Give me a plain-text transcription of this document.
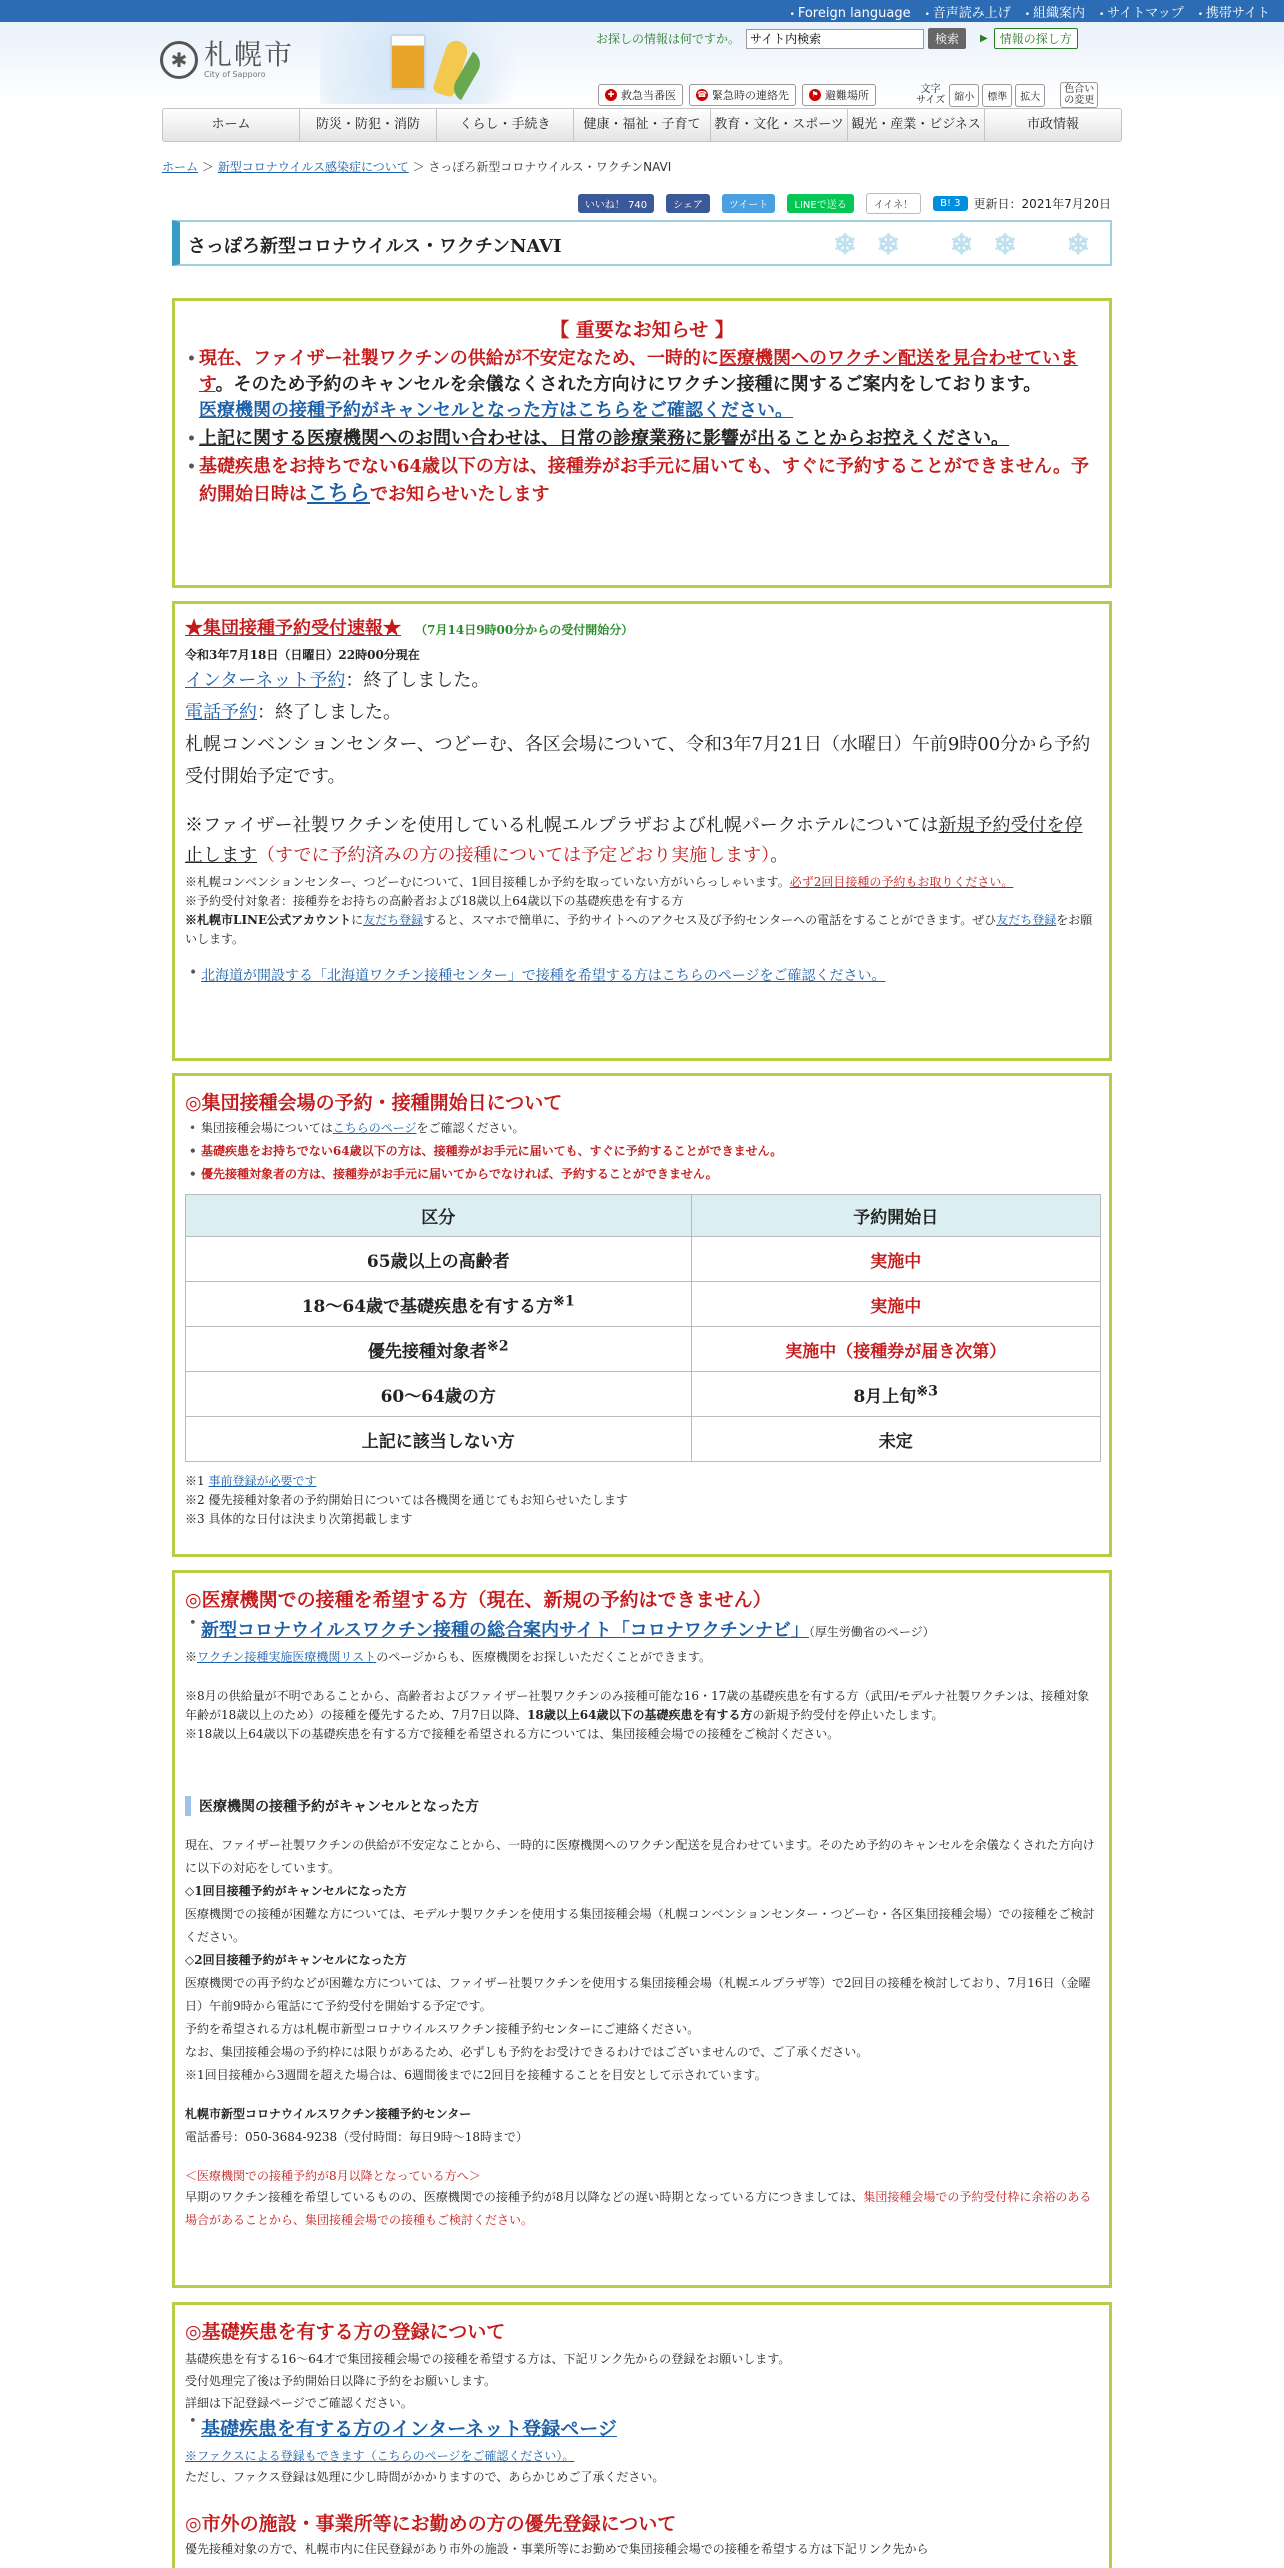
• Foreign language • 音声読み上げ • 組織案内 • サイトマップ • 携帯サイト
✱ 札幌市
City of Sapporo
お探しの情報は何ですか。
サイト内検索	検索	▶	情報の探し方
✚ 救急当番医	☎ 緊急時の連絡先	⚑ 避難場所	文字
サイズ 縮小	標準	拡大
色合い
の変更
ホーム	防災・防犯・消防	くらし・手続き	健康・福祉・子育て	教育・文化・スポーツ 観光・産業・ビジネス	市政情報
ホーム ＞ 新型コロナウイルス感染症について ＞ さっぽろ新型コロナウイルス・ワクチンNAVI
いいね！ 740	シェア	ツイート	LINEで送る	イイネ！	B! 3	更新日：2021年7月20日
さっぽろ新型コロナウイルス・ワクチンNAVI	❄❄ ❄❄ ❄
【 重要なお知らせ 】
• 現在、ファイザー社製ワクチンの供給が不安定なため、一時的に医療機関へのワクチン配送を見合わせています。そのため予約のキャンセルを余儀なくされた方向けにワクチン接種に関するご案内をしております。
医療機関の接種予約がキャンセルとなった方はこちらをご確認ください。
• 上記に関する医療機関へのお問い合わせは、日常の診療業務に影響が出ることからお控えください。
• 基礎疾患をお持ちでない64歳以下の方は、接種券がお手元に届いても、すぐに予約することができません。予約開始日時はこちらでお知らせいたします
★集団接種予約受付速報★ （7月14日9時00分からの受付開始分）
令和3年7月18日（日曜日）22時00分現在
インターネット予約：終了しました。
電話予約：終了しました。
札幌コンベンションセンター、つどーむ、各区会場について、令和3年7月21日（水曜日）午前9時00分から予約受付開始予定です。
※ファイザー社製ワクチンを使用している札幌エルプラザおよび札幌パークホテルについては新規予約受付を停止します（すでに予約済みの方の接種については予定どおり実施します）。
※札幌コンベンションセンター、つどーむについて、1回目接種しか予約を取っていない方がいらっしゃいます。必ず2回目接種の予約もお取りください。
※予約受付対象者：接種券をお持ちの高齢者および18歳以上64歳以下の基礎疾患を有する方
※札幌市LINE公式アカウントに友だち登録すると、スマホで簡単に、予約サイトへのアクセス及び予約センターへの電話をすることができます。ぜひ友だち登録をお願いします。
• 北海道が開設する「北海道ワクチン接種センター」で接種を希望する方はこちらのページをご確認ください。
◎集団接種会場の予約・接種開始日について
• 集団接種会場についてはこちらのページをご確認ください。
• 基礎疾患をお持ちでない64歳以下の方は、接種券がお手元に届いても、すぐに予約することができません。
• 優先接種対象者の方は、接種券がお手元に届いてからでなければ、予約することができません。
区分	予約開始日
65歳以上の高齢者	実施中
18～64歳で基礎疾患を有する方$^{※1}$	実施中
優先接種対象者$^{※2}$	実施中（接種券が届き次第）
60～64歳の方	8月上旬$^{※3}$
上記に該当しない方	未定
※1 事前登録が必要です
※2 優先接種対象者の予約開始日については各機関を通じてもお知らせいたします
※3 具体的な日付は決まり次第掲載します
◎医療機関での接種を希望する方（現在、新規の予約はできません）
• 新型コロナウイルスワクチン接種の総合案内サイト「コロナワクチンナビ」（厚生労働省のページ）
※ワクチン接種実施医療機関リストのページからも、医療機関をお探しいただくことができます。
※8月の供給量が不明であることから、高齢者およびファイザー社製ワクチンのみ接種可能な16・17歳の基礎疾患を有する方（武田/モデルナ社製ワクチンは、接種対象年齢が18歳以上のため）の接種を優先するため、7月7日以降、18歳以上64歳以下の基礎疾患を有する方の新規予約受付を停止いたします。
※18歳以上64歳以下の基礎疾患を有する方で接種を希望される方については、集団接種会場での接種をご検討ください。
医療機関の接種予約がキャンセルとなった方
現在、ファイザー社製ワクチンの供給が不安定なことから、一時的に医療機関へのワクチン配送を見合わせています。そのため予約のキャンセルを余儀なくされた方向けに以下の対応をしています。
◇1回目接種予約がキャンセルになった方
医療機関での接種が困難な方については、モデルナ製ワクチンを使用する集団接種会場（札幌コンベンションセンター・つどーむ・各区集団接種会場）での接種をご検討ください。
◇2回目接種予約がキャンセルになった方
医療機関での再予約などが困難な方については、ファイザー社製ワクチンを使用する集団接種会場（札幌エルプラザ等）で2回目の接種を検討しており、7月16日（金曜日）午前9時から電話にて予約受付を開始する予定です。
予約を希望される方は札幌市新型コロナウイルスワクチン接種予約センターにご連絡ください。
なお、集団接種会場の予約枠には限りがあるため、必ずしも予約をお受けできるわけではございませんので、ご了承ください。
※1回目接種から3週間を超えた場合は、6週間後までに2回目を接種することを目安として示されています。
札幌市新型コロナウイルスワクチン接種予約センター
電話番号：050-3684-9238（受付時間：毎日9時～18時まで）
＜医療機関での接種予約が8月以降となっている方へ＞
早期のワクチン接種を希望しているものの、医療機関での接種予約が8月以降などの遅い時期となっている方につきましては、集団接種会場での予約受付枠に余裕のある場合があることから、集団接種会場での接種もご検討ください。
◎基礎疾患を有する方の登録について
基礎疾患を有する16～64才で集団接種会場での接種を希望する方は、下記リンク先からの登録をお願いします。
受付処理完了後は予約開始日以降に予約をお願いします。
詳細は下記登録ページでご確認ください。
• 基礎疾患を有する方のインターネット登録ページ
※ファクスによる登録もできます（こちらのページをご確認ください）。
ただし、ファクス登録は処理に少し時間がかかりますので、あらかじめご了承ください。
◎市外の施設・事業所等にお勤めの方の優先登録について
優先接種対象の方で、札幌市内に住民登録があり市外の施設・事業所等にお勤めで集団接種会場での接種を希望する方は下記リンク先から
